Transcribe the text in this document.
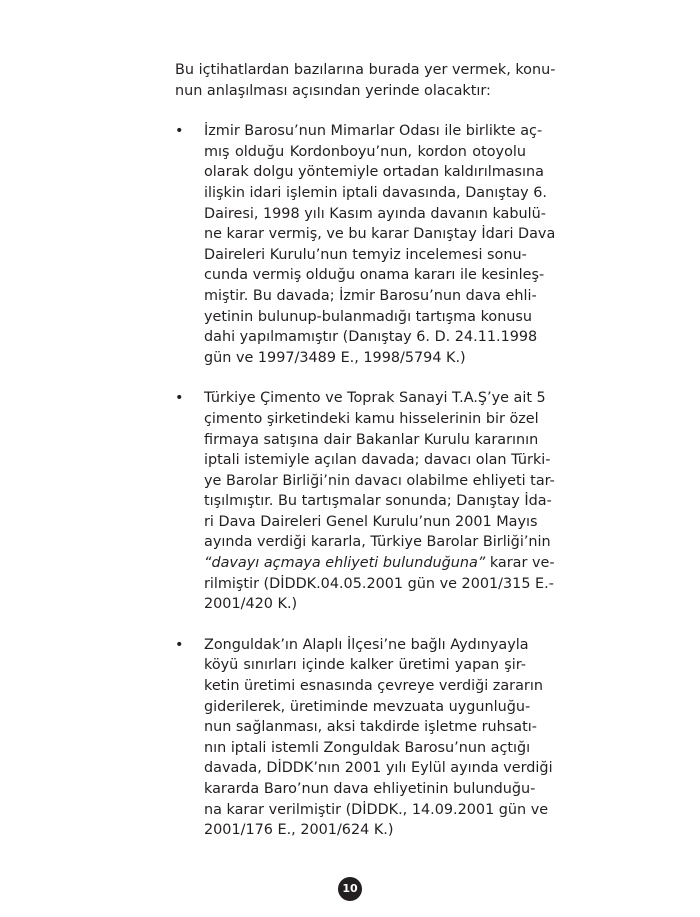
Bu içtihatlardan bazılarına burada yer vermek, konu-
nun anlaşılması açısından yerinde olacaktır:
• İzmir Barosu’nun Mimarlar Odası ile birlikte aç-
mış olduğu Kordonboyu’nun, kordon otoyolu
olarak dolgu yöntemiyle ortadan kaldırılmasına
ilişkin idari işlemin iptali davasında, Danıştay 6.
Dairesi, 1998 yılı Kasım ayında davanın kabulü-
ne karar vermiş, ve bu karar Danıştay İdari Dava
Daireleri Kurulu’nun temyiz incelemesi sonu-
cunda vermiş olduğu onama kararı ile kesinleş-
miştir. Bu davada; İzmir Barosu’nun dava ehli-
yetinin bulunup-bulanmadığı tartışma konusu
dahi yapılmamıştır (Danıştay 6. D. 24.11.1998
gün ve 1997/3489 E., 1998/5794 K.)
• Türkiye Çimento ve Toprak Sanayi T.A.Ş’ye ait 5
çimento şirketindeki kamu hisselerinin bir özel
firmaya satışına dair Bakanlar Kurulu kararının
iptali istemiyle açılan davada; davacı olan Türki-
ye Barolar Birliği’nin davacı olabilme ehliyeti tar-
tışılmıştır. Bu tartışmalar sonunda; Danıştay İda-
ri Dava Daireleri Genel Kurulu’nun 2001 Mayıs
ayında verdiği kararla, Türkiye Barolar Birliği’nin
“davayı açmaya ehliyeti bulunduğuna” karar ve-
rilmiştir (DİDDK.04.05.2001 gün ve 2001/315 E.-
2001/420 K.)
• Zonguldak’ın Alaplı İlçesi’ne bağlı Aydınyayla
köyü sınırları içinde kalker üretimi yapan şir-
ketin üretimi esnasında çevreye verdiği zararın
giderilerek, üretiminde mevzuata uygunluğu-
nun sağlanması, aksi takdirde işletme ruhsatı-
nın iptali istemli Zonguldak Barosu’nun açtığı
davada, DİDDK’nın 2001 yılı Eylül ayında verdiği
kararda Baro’nun dava ehliyetinin bulunduğu-
na karar verilmiştir (DİDDK., 14.09.2001 gün ve
2001/176 E., 2001/624 K.)
10
